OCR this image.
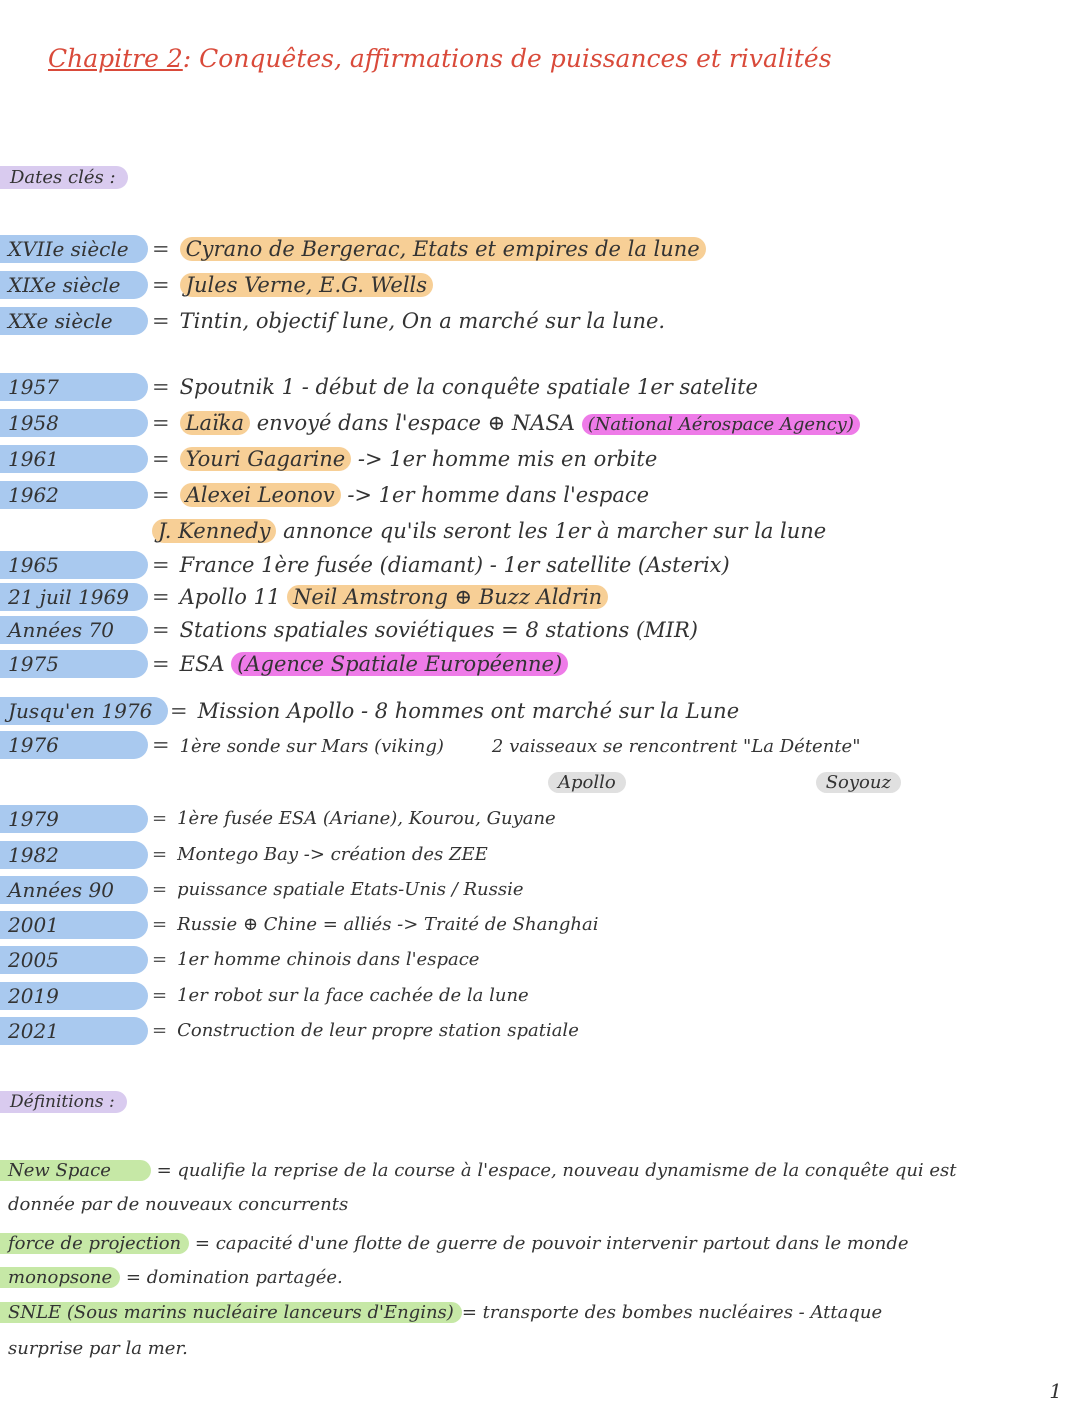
Chapitre 2: Conquêtes, affirmations de puissances et rivalités
Dates clés :
XVIIe siècle	= Cyrano de Bergerac, Etats et empires de la lune
XIXe siècle	= Jules Verne, E.G. Wells
XXe siècle	= Tintin, objectif lune, On a marché sur la lune.
1957	= Spoutnik 1 - début de la conquête spatiale 1er satelite
1958	= Laïka envoyé dans l'espace ⊕ NASA (National Aérospace Agency)
1961	= Youri Gagarine -> 1er homme mis en orbite
1962	= Alexei Leonov -> 1er homme dans l'espace
J. Kennedy annonce qu'ils seront les 1er à marcher sur la lune
1965	= France 1ère fusée (diamant) - 1er satellite (Asterix)
21 juil 1969	= Apollo 11 Neil Amstrong ⊕ Buzz Aldrin
Années 70	= Stations spatiales soviétiques = 8 stations (MIR)
1975	= ESA (Agence Spatiale Européenne)
Jusqu'en 1976 = Mission Apollo - 8 hommes ont marché sur la Lune
1976	= 1ère sonde sur Mars (viking)	2 vaisseaux se rencontrent "La Détente"
Apollo	Soyouz
1979	= 1ère fusée ESA (Ariane), Kourou, Guyane
1982	= Montego Bay -> création des ZEE
Années 90	= puissance spatiale Etats-Unis / Russie
2001	= Russie ⊕ Chine = alliés -> Traité de Shanghai
2005	= 1er homme chinois dans l'espace
2019	= 1er robot sur la face cachée de la lune
2021	= Construction de leur propre station spatiale
Définitions :
New Space	= qualifie la reprise de la course à l'espace, nouveau dynamisme de la conquête qui est
donnée par de nouveaux concurrents
force de projection = capacité d'une flotte de guerre de pouvoir intervenir partout dans le monde
monopsone = domination partagée.
SNLE (Sous marins nucléaire lanceurs d'Engins) = transporte des bombes nucléaires - Attaque
surprise par la mer.
1
